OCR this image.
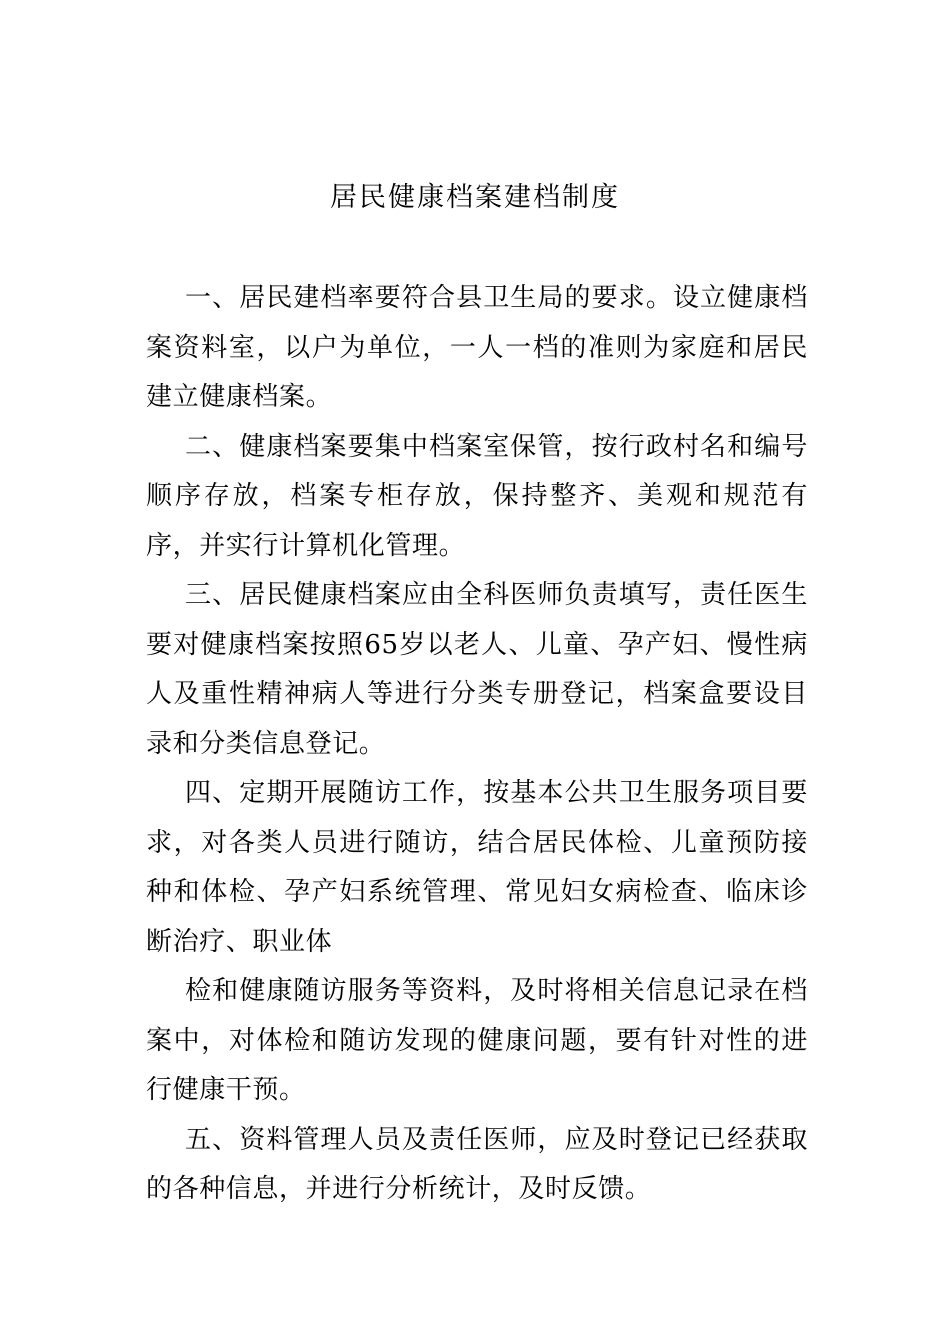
居民健康档案建档制度

一、居民建档率要符合县卫生局的要求。设立健康档案资料室，以户为单位，一人一档的准则为家庭和居民建立健康档案。

二、健康档案要集中档案室保管，按行政村名和编号顺序存放，档案专柜存放，保持整齐、美观和规范有序，并实行计算机化管理。

三、居民健康档案应由全科医师负责填写，责任医生要对健康档案按照65岁以老人、儿童、孕产妇、慢性病人及重性精神病人等进行分类专册登记，档案盒要设目录和分类信息登记。

四、定期开展随访工作，按基本公共卫生服务项目要求，对各类人员进行随访，结合居民体检、儿童预防接种和体检、孕产妇系统管理、常见妇女病检查、临床诊断治疗、职业体

检和健康随访服务等资料，及时将相关信息记录在档案中，对体检和随访发现的健康问题，要有针对性的进行健康干预。

五、资料管理人员及责任医师，应及时登记已经获取的各种信息，并进行分析统计，及时反馈。
